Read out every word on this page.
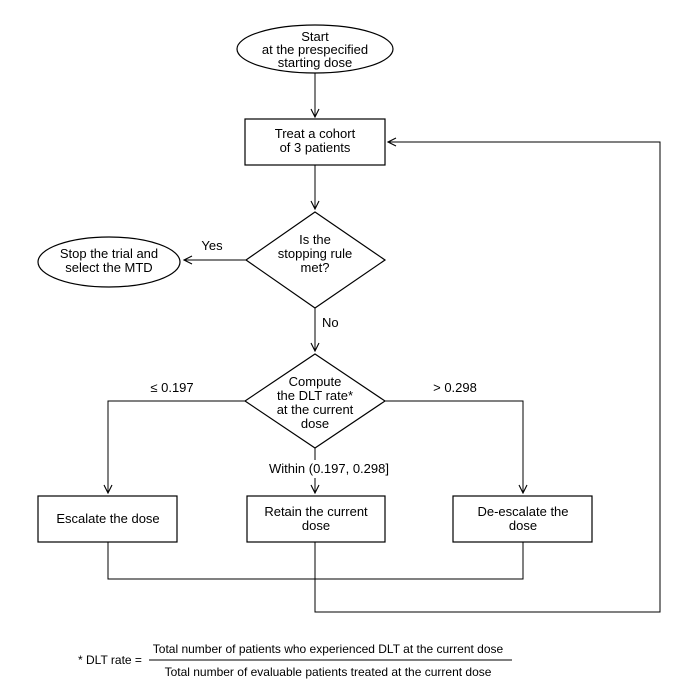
Start
at the prespecified
starting dose
Treat a cohort
of 3 patients
Is the
stopping rule
met?
Stop the trial and
select the MTD
Compute
the DLT rate*
at the current
dose
Escalate the dose	Retain the current
dose
De-escalate the
dose
Yes
No
≤ 0.197	> 0.298
Within (0.197, 0.298]
* DLT rate =
Total number of patients who experienced DLT at the current dose
Total number of evaluable patients treated at the current dose
